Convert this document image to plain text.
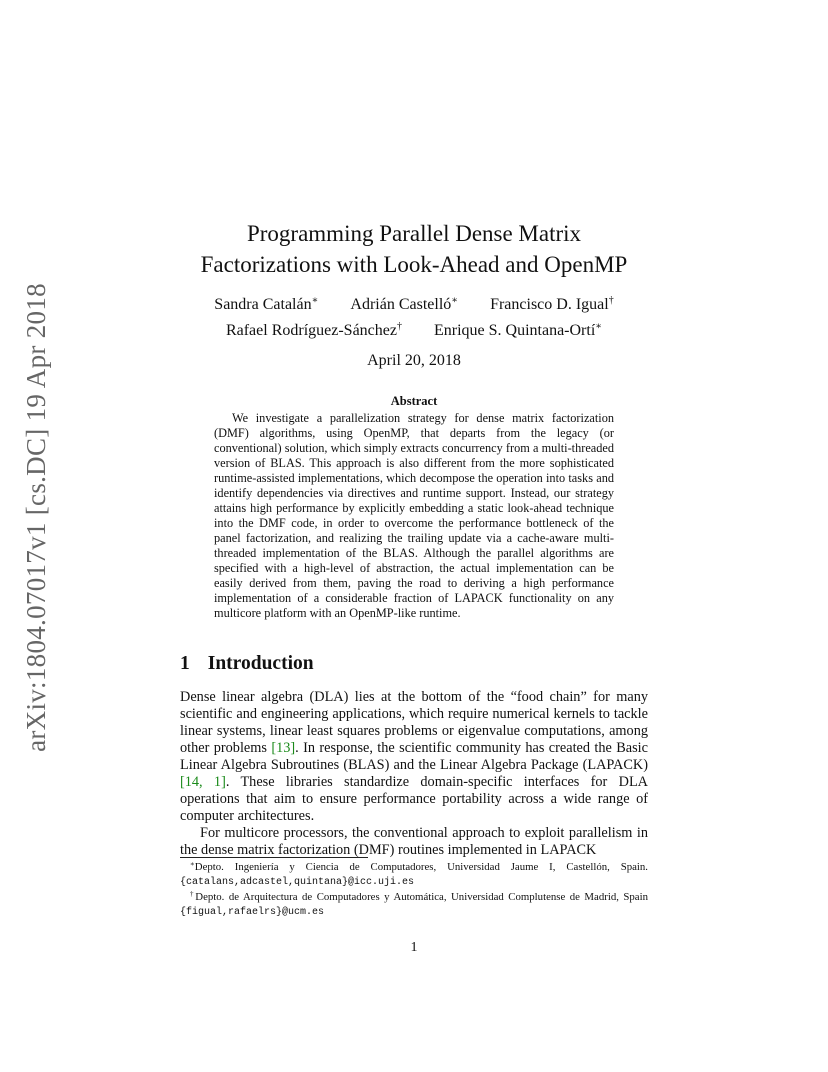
arXiv:1804.07017v1 [cs.DC] 19 Apr 2018
Programming Parallel Dense Matrix
Factorizations with Look-Ahead and OpenMP
Sandra Catalán∗ Adrián Castelló∗ Francisco D. Igual†
Rafael Rodríguez-Sánchez† Enrique S. Quintana-Ortí∗
April 20, 2018
Abstract

We investigate a parallelization strategy for dense matrix factorization (DMF) algorithms, using OpenMP, that departs from the legacy (or conventional) solution, which simply extracts concurrency from a multi-threaded version of BLAS. This approach is also different from the more sophisticated runtime-assisted implementations, which decompose the operation into tasks and identify dependencies via directives and runtime support. Instead, our strategy attains high performance by explicitly embedding a static look-ahead technique into the DMF code, in order to overcome the performance bottleneck of the panel factorization, and realizing the trailing update via a cache-aware multi-threaded implementation of the BLAS. Although the parallel algorithms are specified with a high-level of abstraction, the actual implementation can be easily derived from them, paving the road to deriving a high performance implementation of a considerable fraction of LAPACK functionality on any multicore platform with an OpenMP-like runtime.

1 Introduction

Dense linear algebra (DLA) lies at the bottom of the “food chain” for many scientific and engineering applications, which require numerical kernels to tackle linear systems, linear least squares problems or eigenvalue computations, among other problems [13]. In response, the scientific community has created the Basic Linear Algebra Subroutines (BLAS) and the Linear Algebra Package (LAPACK) [14, 1]. These libraries standardize domain-specific interfaces for DLA operations that aim to ensure performance portability across a wide range of computer architectures.

For multicore processors, the conventional approach to exploit parallelism in the dense matrix factorization (DMF) routines implemented in LAPACK

∗Depto. Ingeniería y Ciencia de Computadores, Universidad Jaume I, Castellón, Spain. {catalans,adcastel,quintana}@icc.uji.es

†Depto. de Arquitectura de Computadores y Automática, Universidad Complutense de Madrid, Spain {figual,rafaelrs}@ucm.es

1
